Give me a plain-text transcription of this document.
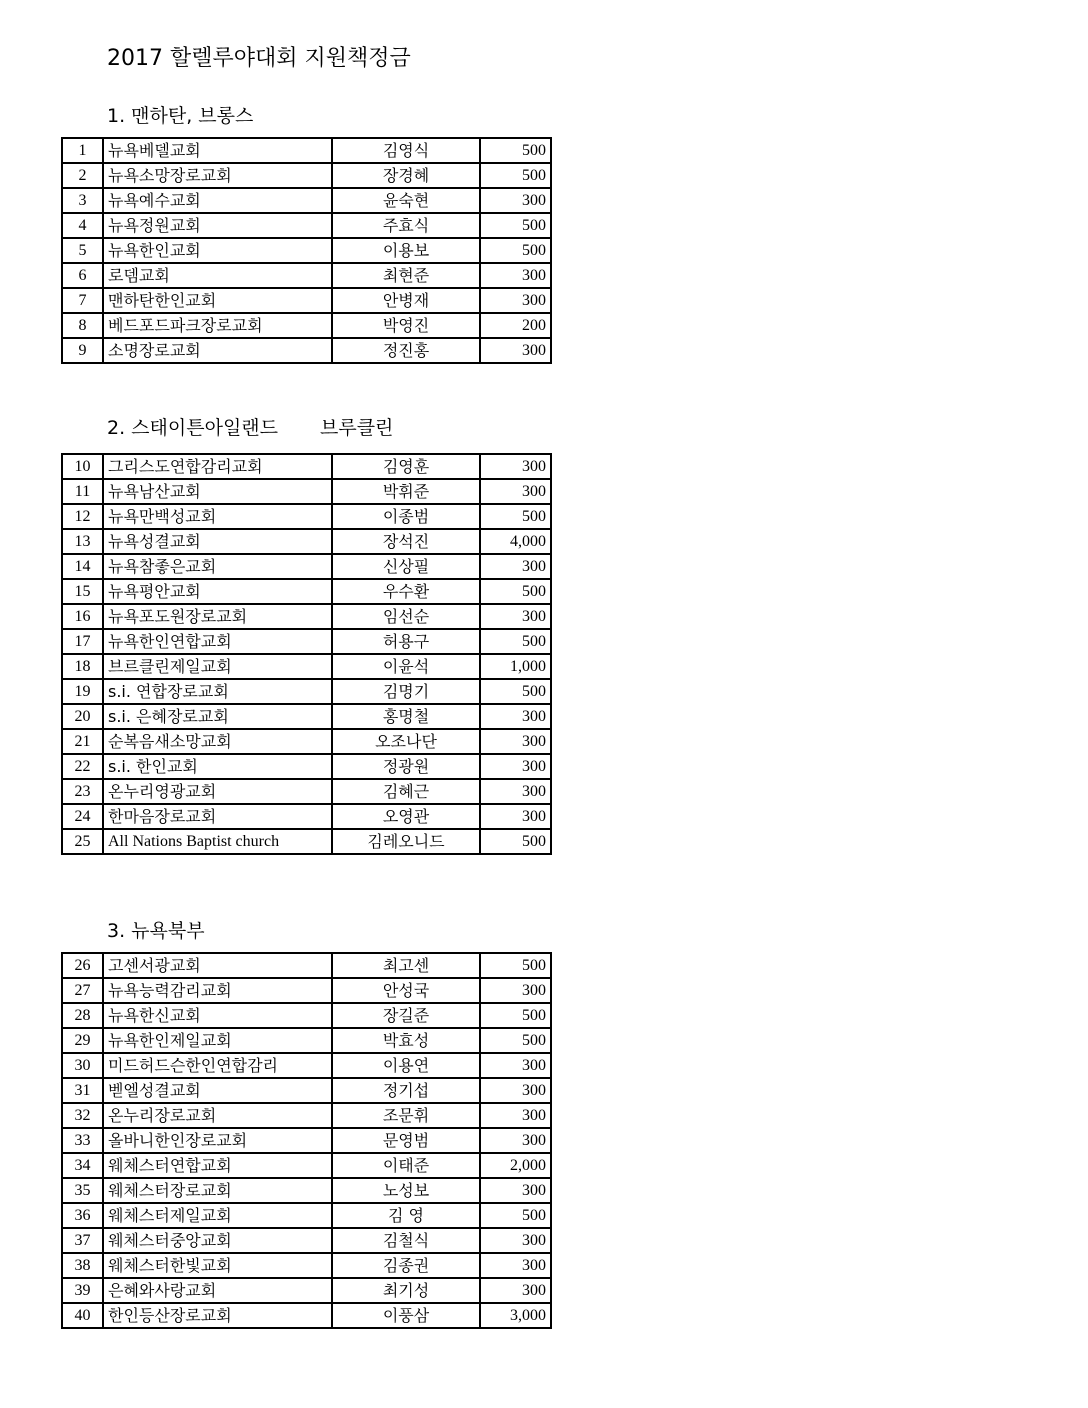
2017 할렐루야대회 지원책정금
1. 맨하탄, 브롱스
1	뉴욕베델교회	김영식	500
2	뉴욕소망장로교회	장경혜	500
3	뉴욕예수교회	윤숙현	300
4	뉴욕정원교회	주효식	500
5	뉴욕한인교회	이용보	500
6	로뎀교회	최현준	300
7	맨하탄한인교회	안병재	300
8	베드포드파크장로교회	박영진	200
9	소명장로교회	정진홍	300
2. 스태이튼아일랜드 브루클린
10	그리스도연합감리교회	김영훈	300
11	뉴욕남산교회	박휘준	300
12	뉴욕만백성교회	이종범	500
13	뉴욕성결교회	장석진	4,000
14	뉴욕참좋은교회	신상필	300
15	뉴욕평안교회	우수환	500
16	뉴욕포도원장로교회	임선순	300
17	뉴욕한인연합교회	허용구	500
18	브르클린제일교회	이윤석	1,000
19	s.i. 연합장로교회	김명기	500
20	s.i. 은혜장로교회	홍명철	300
21	순복음새소망교회	오조나단	300
22	s.i. 한인교회	정광원	300
23	온누리영광교회	김혜근	300
24	한마음장로교회	오영관	300
25	All Nations Baptist church	김레오니드	500
3. 뉴욕북부
26	고센서광교회	최고센	500
27	뉴욕능력감리교회	안성국	300
28	뉴욕한신교회	장길준	500
29	뉴욕한인제일교회	박효성	500
30	미드허드슨한인연합감리	이용연	300
31	벧엘성결교회	정기섭	300
32	온누리장로교회	조문휘	300
33	올바니한인장로교회	문영범	300
34	웨체스터연합교회	이태준	2,000
35	웨체스터장로교회	노성보	300
36	웨체스터제일교회	김 영	500
37	웨체스터중앙교회	김철식	300
38	웨체스터한빛교회	김종권	300
39	은혜와사랑교회	최기성	300
40	한인등산장로교회	이풍삼	3,000
